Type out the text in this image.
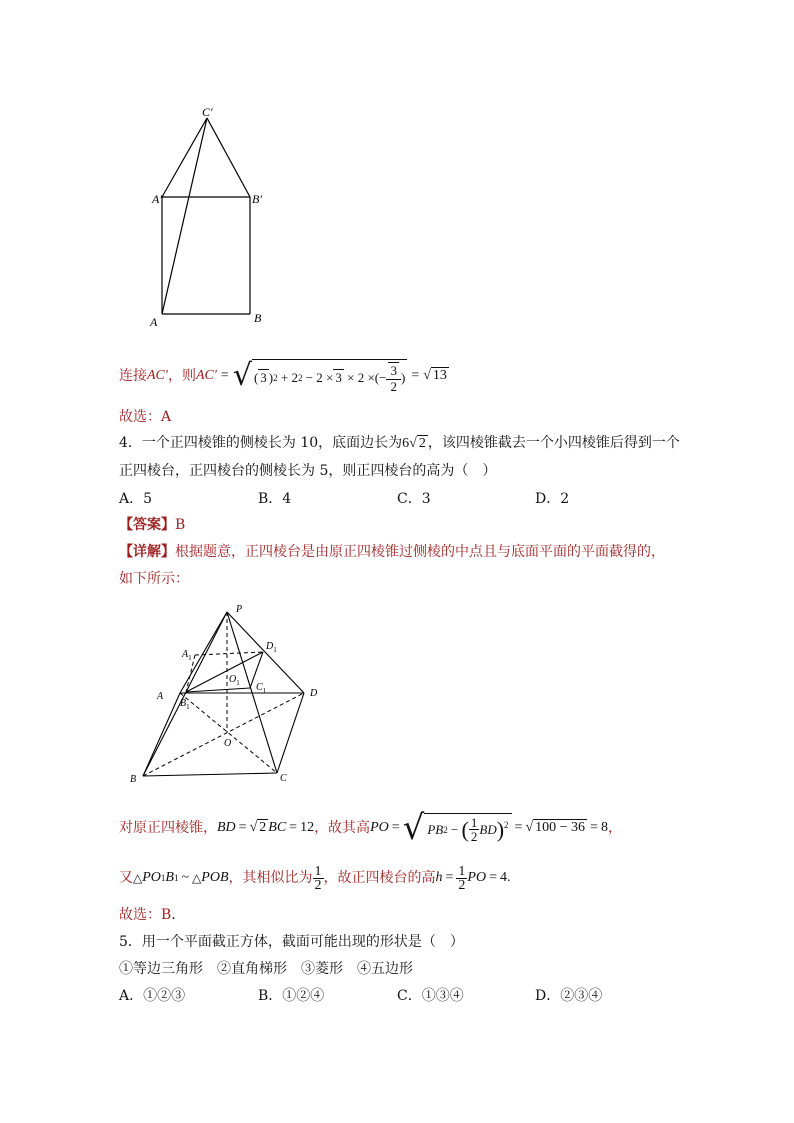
C′
A′	B′
A	B
连接 AC′ ，则 AC′ = √ ( 3 ) 2 + 2 2 − 2 × 3 × 2 ×(− $\frac{3}{2}$ ) = √ 13
故选：A
4．一个正四棱锥的侧棱长为 10，底面边长为6√ 2 ，该四棱锥截去一个小四棱锥后得到一个
正四棱台，正四棱台的侧棱长为 5，则正四棱台的高为（　）
A．5	B．4	C．3	D．2
【答案】B
【详解】根据题意，正四棱台是由原正四棱锥过侧棱的中点且与底面平面的平面截得的，
如下所示：
P
$A_1$
$D_1$
$O_1$ $C_1$
A
$B_1$
D
O
B	C
对原正四棱锥， BD = √ 2 BC = 12 ，故其高 PO = √ PB 2 − ( $\frac{1}{2}$ BD )$^2$ = √ 100 − 36 = 8 ，
又 △ PO 1 B 1 ~ △ POB ，其相似比为 $\frac{1}{2}$ ，故正四棱台的高 $h = \frac{1}{2}$ PO = 4 .
故选：B.
5．用一个平面截正方体，截面可能出现的形状是（　）
①等边三角形　②直角梯形　③菱形　④五边形
A．①②③	B．①②④	C．①③④	D．②③④
